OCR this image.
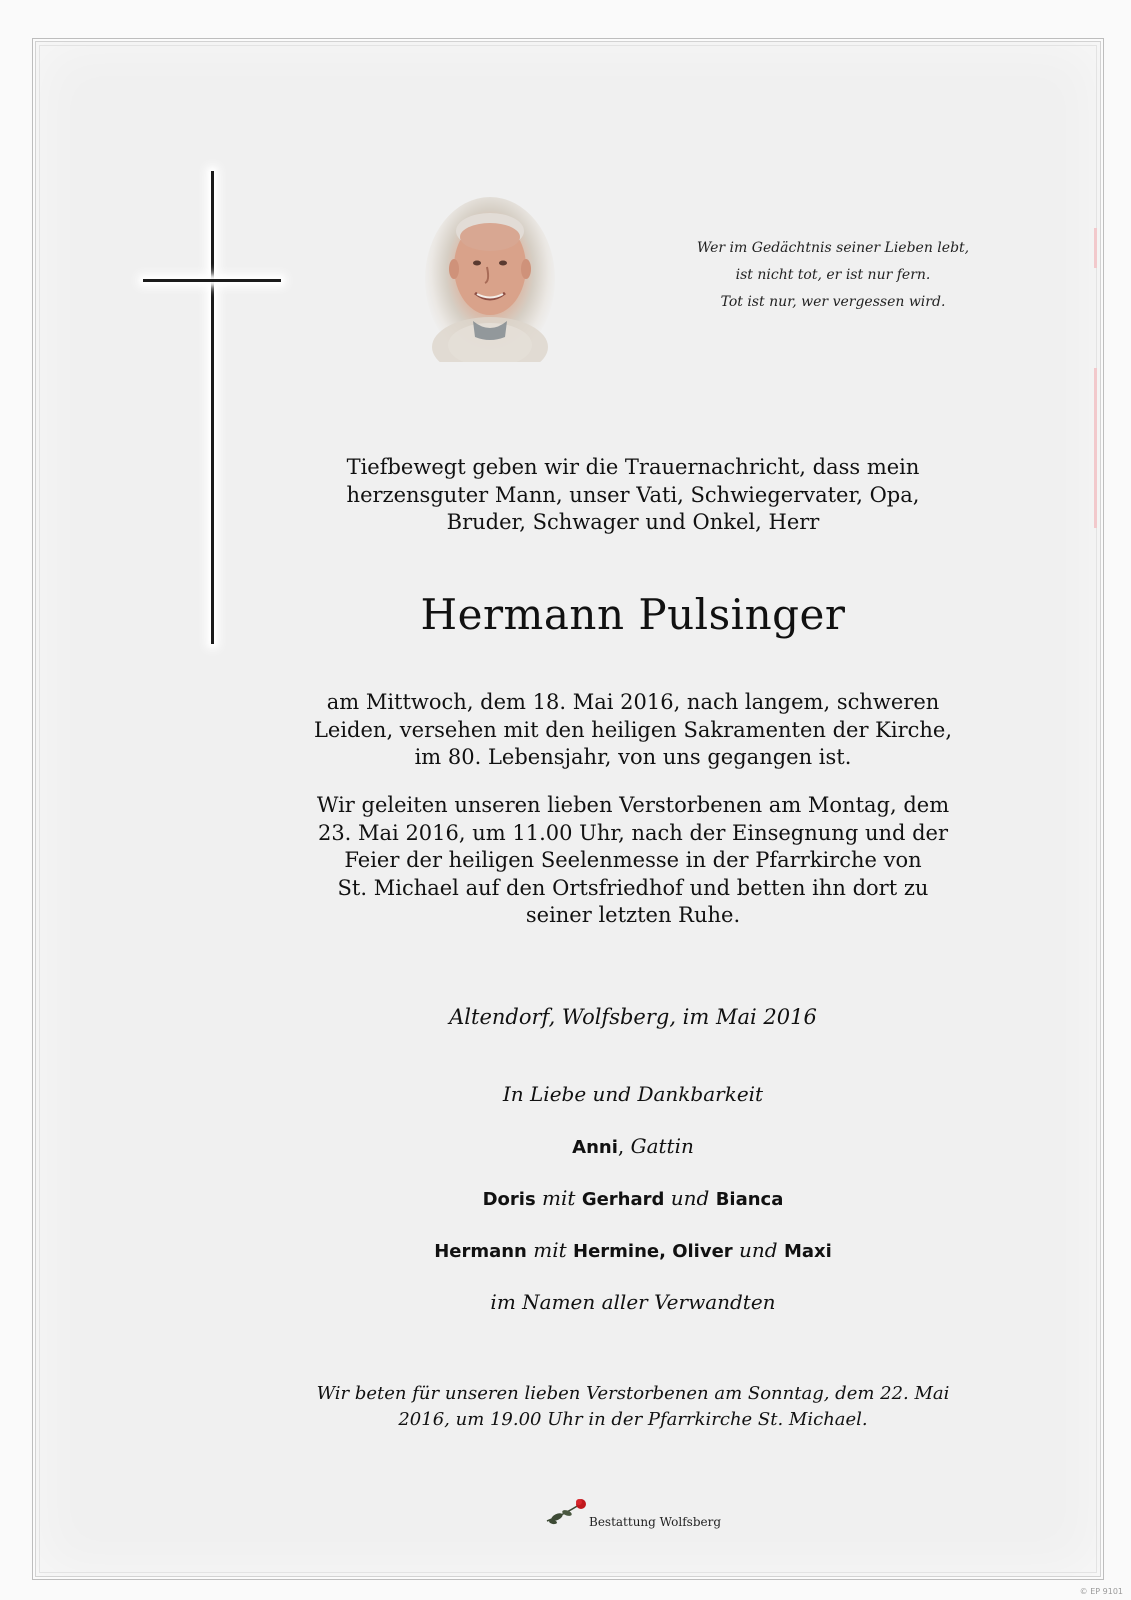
Wer im Gedächtnis seiner Lieben lebt,
ist nicht tot, er ist nur fern.
Tot ist nur, wer vergessen wird.
Tiefbewegt geben wir die Trauernachricht, dass mein
herzensguter Mann, unser Vati, Schwiegervater, Opa,
Bruder, Schwager und Onkel, Herr
Hermann Pulsinger
am Mittwoch, dem 18. Mai 2016, nach langem, schweren
Leiden, versehen mit den heiligen Sakramenten der Kirche,
im 80. Lebensjahr, von uns gegangen ist.
Wir geleiten unseren lieben Verstorbenen am Montag, dem
23. Mai 2016, um 11.00 Uhr, nach der Einsegnung und der
Feier der heiligen Seelenmesse in der Pfarrkirche von
St. Michael auf den Ortsfriedhof und betten ihn dort zu
seiner letzten Ruhe.
Altendorf, Wolfsberg, im Mai 2016
In Liebe und Dankbarkeit
Anni, Gattin
Doris mit Gerhard und Bianca
Hermann mit Hermine, Oliver und Maxi
im Namen aller Verwandten
Wir beten für unseren lieben Verstorbenen am Sonntag, dem 22. Mai
2016, um 19.00 Uhr in der Pfarrkirche St. Michael.
Bestattung Wolfsberg
© EP 9101
